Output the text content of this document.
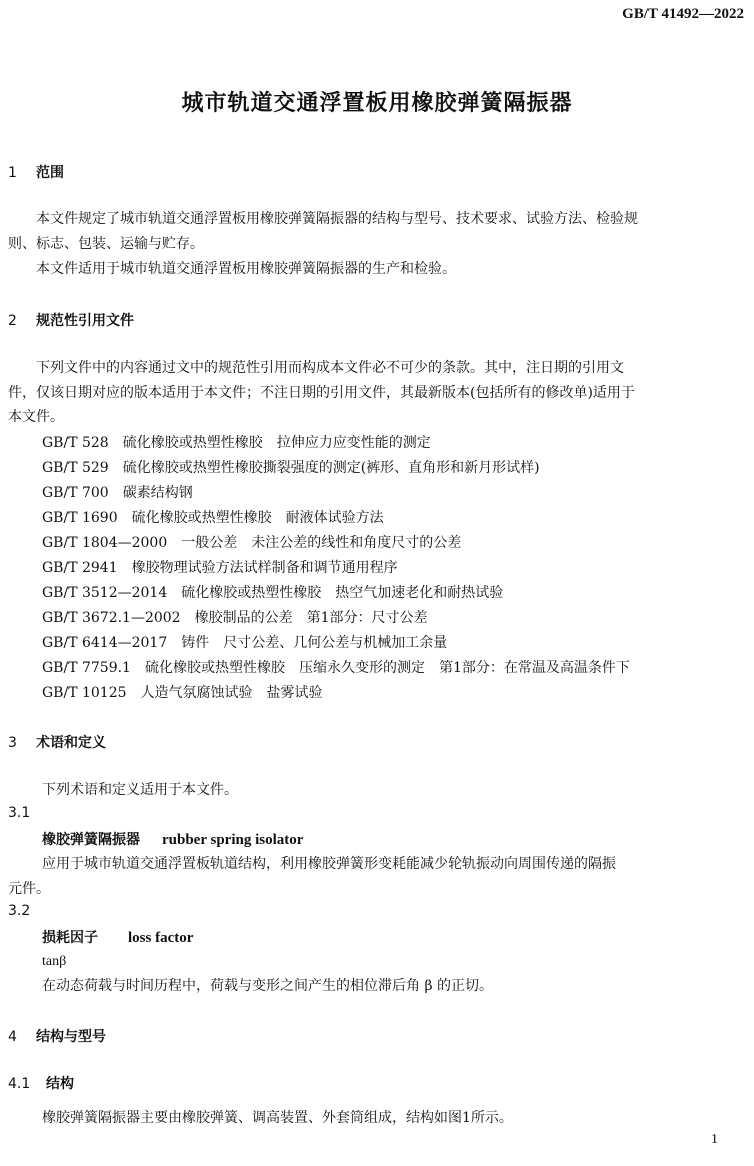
GB/T 41492—2022
城市轨道交通浮置板用橡胶弹簧隔振器
1 范围
本文件规定了城市轨道交通浮置板用橡胶弹簧隔振器的结构与型号、技术要求、试验方法、检验规
则、标志、包装、运输与贮存。
本文件适用于城市轨道交通浮置板用橡胶弹簧隔振器的生产和检验。
2 规范性引用文件
下列文件中的内容通过文中的规范性引用而构成本文件必不可少的条款。其中，注日期的引用文
件，仅该日期对应的版本适用于本文件；不注日期的引用文件，其最新版本(包括所有的修改单)适用于
本文件。
GB/T 528　硫化橡胶或热塑性橡胶　拉伸应力应变性能的测定
GB/T 529　硫化橡胶或热塑性橡胶撕裂强度的测定(裤形、直角形和新月形试样)
GB/T 700　碳素结构钢
GB/T 1690　硫化橡胶或热塑性橡胶　耐液体试验方法
GB/T 1804—2000　一般公差　未注公差的线性和角度尺寸的公差
GB/T 2941　橡胶物理试验方法试样制备和调节通用程序
GB/T 3512—2014　硫化橡胶或热塑性橡胶　热空气加速老化和耐热试验
GB/T 3672.1—2002　橡胶制品的公差　第1部分：尺寸公差
GB/T 6414—2017　铸件　尺寸公差、几何公差与机械加工余量
GB/T 7759.1　硫化橡胶或热塑性橡胶　压缩永久变形的测定　第1部分：在常温及高温条件下
GB/T 10125　人造气氛腐蚀试验　盐雾试验
3 术语和定义
下列术语和定义适用于本文件。
3.1
橡胶弹簧隔振器 rubber spring isolator
应用于城市轨道交通浮置板轨道结构，利用橡胶弹簧形变耗能减少轮轨振动向周围传递的隔振
元件。
3.2
损耗因子 loss factor
tanβ
在动态荷载与时间历程中，荷载与变形之间产生的相位滞后角 β 的正切。
4 结构与型号
4.1 结构
橡胶弹簧隔振器主要由橡胶弹簧、调高装置、外套筒组成，结构如图1所示。
1
